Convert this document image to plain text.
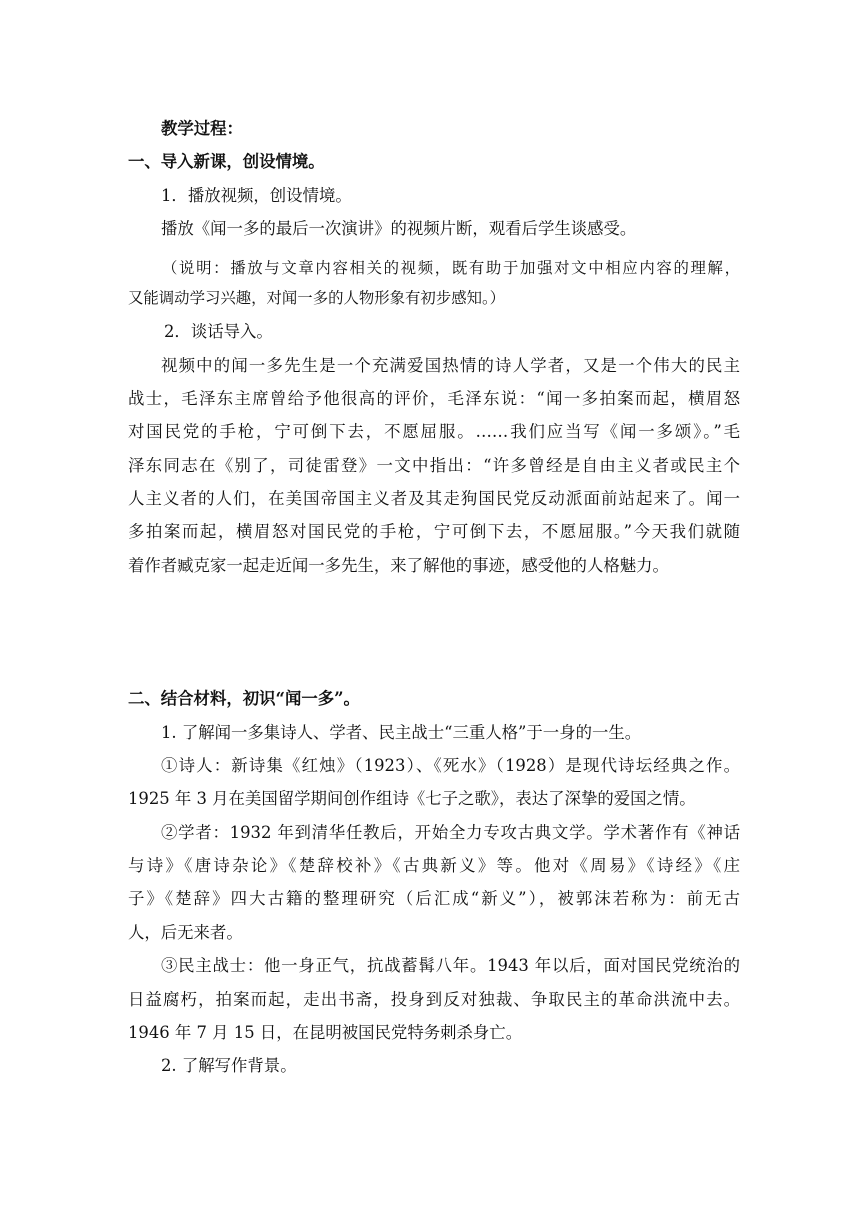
教学过程：
一、导入新课，创设情境。
1．播放视频，创设情境。
播放《闻一多的最后一次演讲》的视频片断，观看后学生谈感受。
（说明：播放与文章内容相关的视频，既有助于加强对文中相应内容的理解，
又能调动学习兴趣，对闻一多的人物形象有初步感知。）
2．谈话导入。
视频中的闻一多先生是一个充满爱国热情的诗人学者，又是一个伟大的民主
战士，毛泽东主席曾给予他很高的评价，毛泽东说：“闻一多拍案而起，横眉怒
对国民党的手枪，宁可倒下去，不愿屈服。……我们应当写《闻一多颂》。”毛
泽东同志在《别了，司徒雷登》一文中指出：“许多曾经是自由主义者或民主个
人主义者的人们，在美国帝国主义者及其走狗国民党反动派面前站起来了。闻一
多拍案而起，横眉怒对国民党的手枪，宁可倒下去，不愿屈服。”今天我们就随
着作者臧克家一起走近闻一多先生，来了解他的事迹，感受他的人格魅力。
二、结合材料，初识“闻一多”。
1. 了解闻一多集诗人、学者、民主战士“三重人格”于一身的一生。
①诗人：新诗集《红烛》（1923）、《死水》（1928）是现代诗坛经典之作。
1925 年 3 月在美国留学期间创作组诗《七子之歌》，表达了深挚的爱国之情。
②学者：1932 年到清华任教后，开始全力专攻古典文学。学术著作有《神话
与诗》《唐诗杂论》《楚辞校补》《古典新义》等。他对《周易》《诗经》《庄
子》《楚辞》四大古籍的整理研究（后汇成“新义”），被郭沫若称为：前无古
人，后无来者。
③民主战士：他一身正气，抗战蓄髯八年。1943 年以后，面对国民党统治的
日益腐朽，拍案而起，走出书斋，投身到反对独裁、争取民主的革命洪流中去。
1946 年 7 月 15 日，在昆明被国民党特务刺杀身亡。
2. 了解写作背景。
